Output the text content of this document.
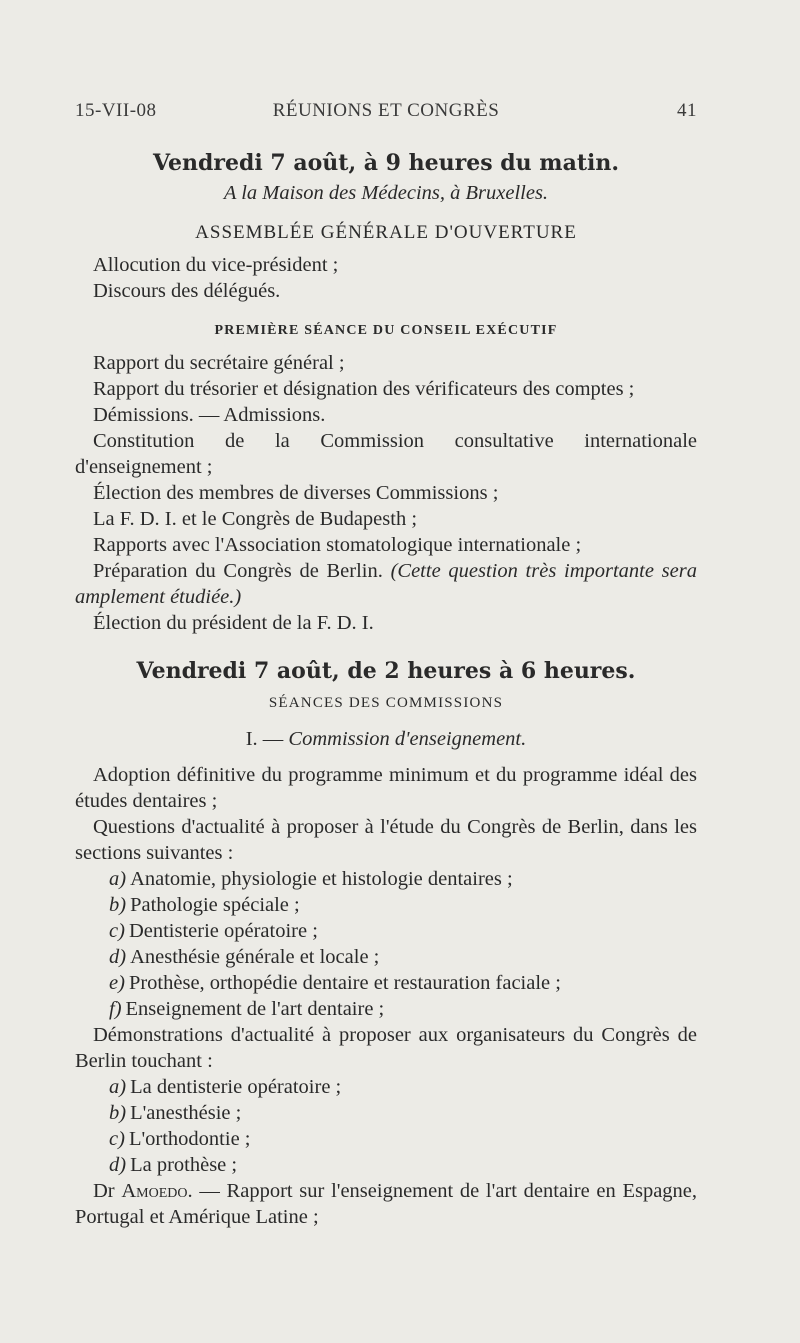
15-VII-08	RÉUNIONS ET CONGRÈS	41

Vendredi 7 août, à 9 heures du matin.

A la Maison des Médecins, à Bruxelles.

ASSEMBLÉE GÉNÉRALE D'OUVERTURE

Allocution du vice-président ;

Discours des délégués.

PREMIÈRE SÉANCE DU CONSEIL EXÉCUTIF

Rapport du secrétaire général ;

Rapport du trésorier et désignation des vérificateurs des comptes ;

Démissions. — Admissions.

Constitution de la Commission consultative internationale d'enseignement ;

Élection des membres de diverses Commissions ;

La F. D. I. et le Congrès de Budapesth ;

Rapports avec l'Association stomatologique internationale ;

Préparation du Congrès de Berlin. (Cette question très importante sera amplement étudiée.)

Élection du président de la F. D. I.

Vendredi 7 août, de 2 heures à 6 heures.

SÉANCES DES COMMISSIONS

I. — Commission d'enseignement.

Adoption définitive du programme minimum et du programme idéal des études dentaires ;

Questions d'actualité à proposer à l'étude du Congrès de Berlin, dans les sections suivantes :

a) Anatomie, physiologie et histologie dentaires ;

b) Pathologie spéciale ;

c) Dentisterie opératoire ;

d) Anesthésie générale et locale ;

e) Prothèse, orthopédie dentaire et restauration faciale ;

f) Enseignement de l'art dentaire ;

Démonstrations d'actualité à proposer aux organisateurs du Congrès de Berlin touchant :

a) La dentisterie opératoire ;

b) L'anesthésie ;

c) L'orthodontie ;

d) La prothèse ;

Dr Amoedo. — Rapport sur l'enseignement de l'art dentaire en Espagne, Portugal et Amérique Latine ;
